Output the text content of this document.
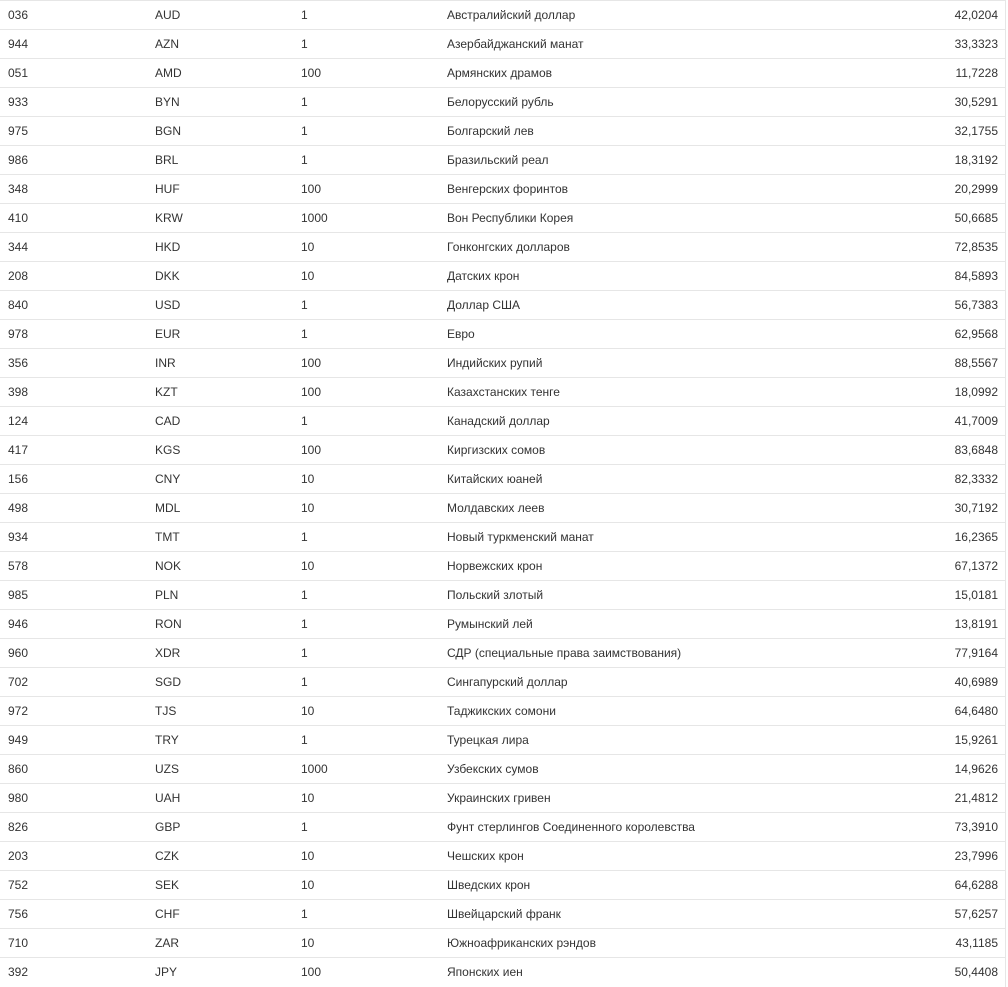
036	AUD	1	Австралийский доллар	42,0204
944	AZN	1	Азербайджанский манат	33,3323
051	AMD	100	Армянских драмов	11,7228
933	BYN	1	Белорусский рубль	30,5291
975	BGN	1	Болгарский лев	32,1755
986	BRL	1	Бразильский реал	18,3192
348	HUF	100	Венгерских форинтов	20,2999
410	KRW	1000	Вон Республики Корея	50,6685
344	HKD	10	Гонконгских долларов	72,8535
208	DKK	10	Датских крон	84,5893
840	USD	1	Доллар США	56,7383
978	EUR	1	Евро	62,9568
356	INR	100	Индийских рупий	88,5567
398	KZT	100	Казахстанских тенге	18,0992
124	CAD	1	Канадский доллар	41,7009
417	KGS	100	Киргизских сомов	83,6848
156	CNY	10	Китайских юаней	82,3332
498	MDL	10	Молдавских леев	30,7192
934	TMT	1	Новый туркменский манат	16,2365
578	NOK	10	Норвежских крон	67,1372
985	PLN	1	Польский злотый	15,0181
946	RON	1	Румынский лей	13,8191
960	XDR	1	СДР (специальные права заимствования)	77,9164
702	SGD	1	Сингапурский доллар	40,6989
972	TJS	10	Таджикских сомони	64,6480
949	TRY	1	Турецкая лира	15,9261
860	UZS	1000	Узбекских сумов	14,9626
980	UAH	10	Украинских гривен	21,4812
826	GBP	1	Фунт стерлингов Соединенного королевства	73,3910
203	CZK	10	Чешских крон	23,7996
752	SEK	10	Шведских крон	64,6288
756	CHF	1	Швейцарский франк	57,6257
710	ZAR	10	Южноафриканских рэндов	43,1185
392	JPY	100	Японских иен	50,4408
